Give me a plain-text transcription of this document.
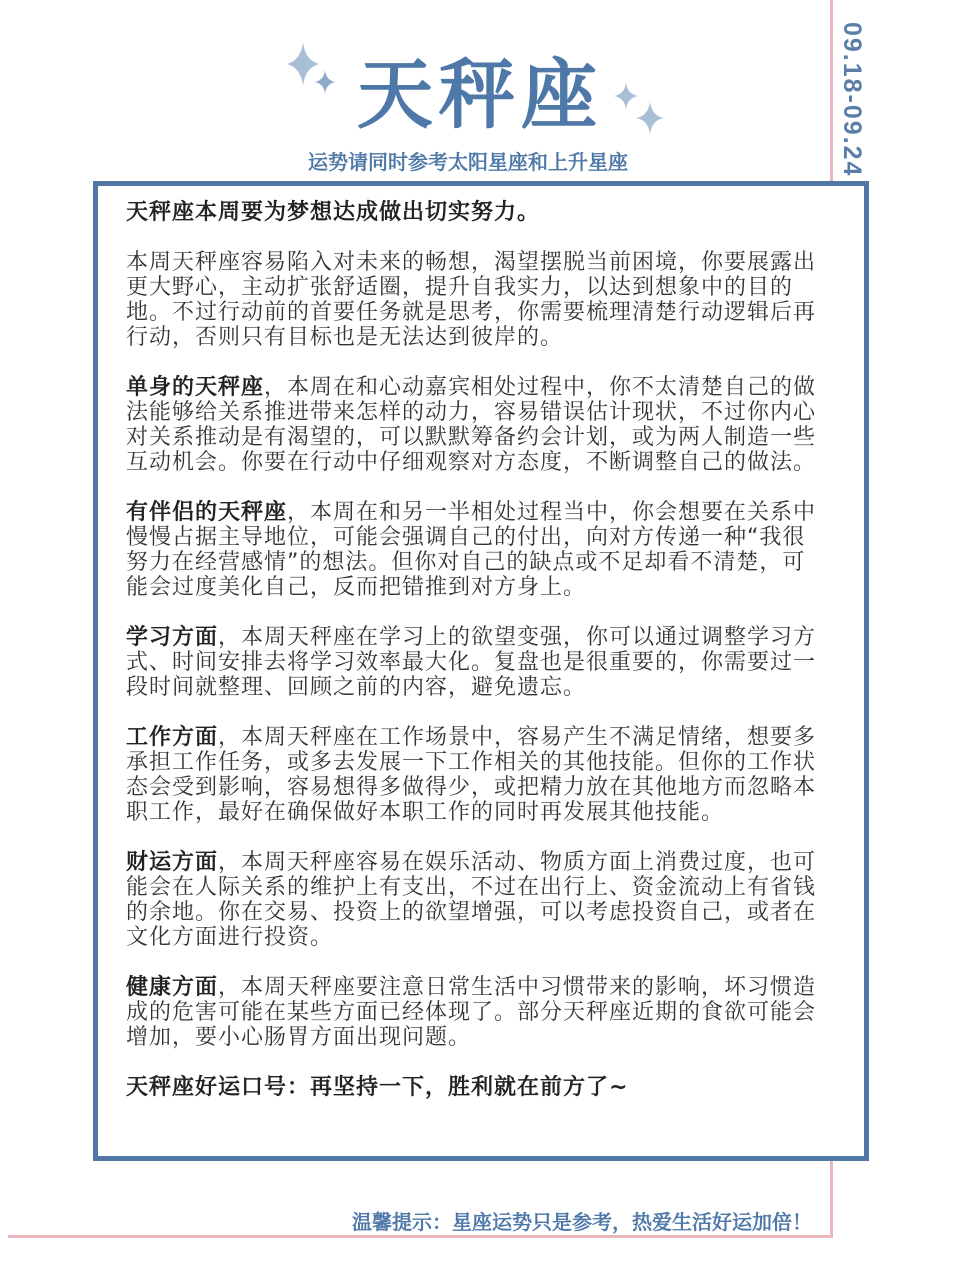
天秤座
运势请同时参考太阳星座和上升星座	09.18-09.24

天秤座本周要为梦想达成做出切实努力。

本周天秤座容易陷入对未来的畅想，渴望摆脱当前困境，你要展露出更大野心，主动扩张舒适圈，提升自我实力，以达到想象中的目的地。不过行动前的首要任务就是思考，你需要梳理清楚行动逻辑后再行动，否则只有目标也是无法达到彼岸的。

单身的天秤座，本周在和心动嘉宾相处过程中，你不太清楚自己的做法能够给关系推进带来怎样的动力，容易错误估计现状，不过你内心对关系推动是有渴望的，可以默默筹备约会计划，或为两人制造一些互动机会。你要在行动中仔细观察对方态度，不断调整自己的做法。

有伴侣的天秤座，本周在和另一半相处过程当中，你会想要在关系中慢慢占据主导地位，可能会强调自己的付出，向对方传递一种“我很努力在经营感情”的想法。但你对自己的缺点或不足却看不清楚，可能会过度美化自己，反而把错推到对方身上。

学习方面，本周天秤座在学习上的欲望变强，你可以通过调整学习方式、时间安排去将学习效率最大化。复盘也是很重要的，你需要过一段时间就整理、回顾之前的内容，避免遗忘。

工作方面，本周天秤座在工作场景中，容易产生不满足情绪，想要多承担工作任务，或多去发展一下工作相关的其他技能。但你的工作状态会受到影响，容易想得多做得少，或把精力放在其他地方而忽略本职工作，最好在确保做好本职工作的同时再发展其他技能。

财运方面，本周天秤座容易在娱乐活动、物质方面上消费过度，也可能会在人际关系的维护上有支出，不过在出行上、资金流动上有省钱的余地。你在交易、投资上的欲望增强，可以考虑投资自己，或者在文化方面进行投资。

健康方面，本周天秤座要注意日常生活中习惯带来的影响，坏习惯造成的危害可能在某些方面已经体现了。部分天秤座近期的食欲可能会增加，要小心肠胃方面出现问题。

天秤座好运口号：再坚持一下，胜利就在前方了~

温馨提示：星座运势只是参考，热爱生活好运加倍！
